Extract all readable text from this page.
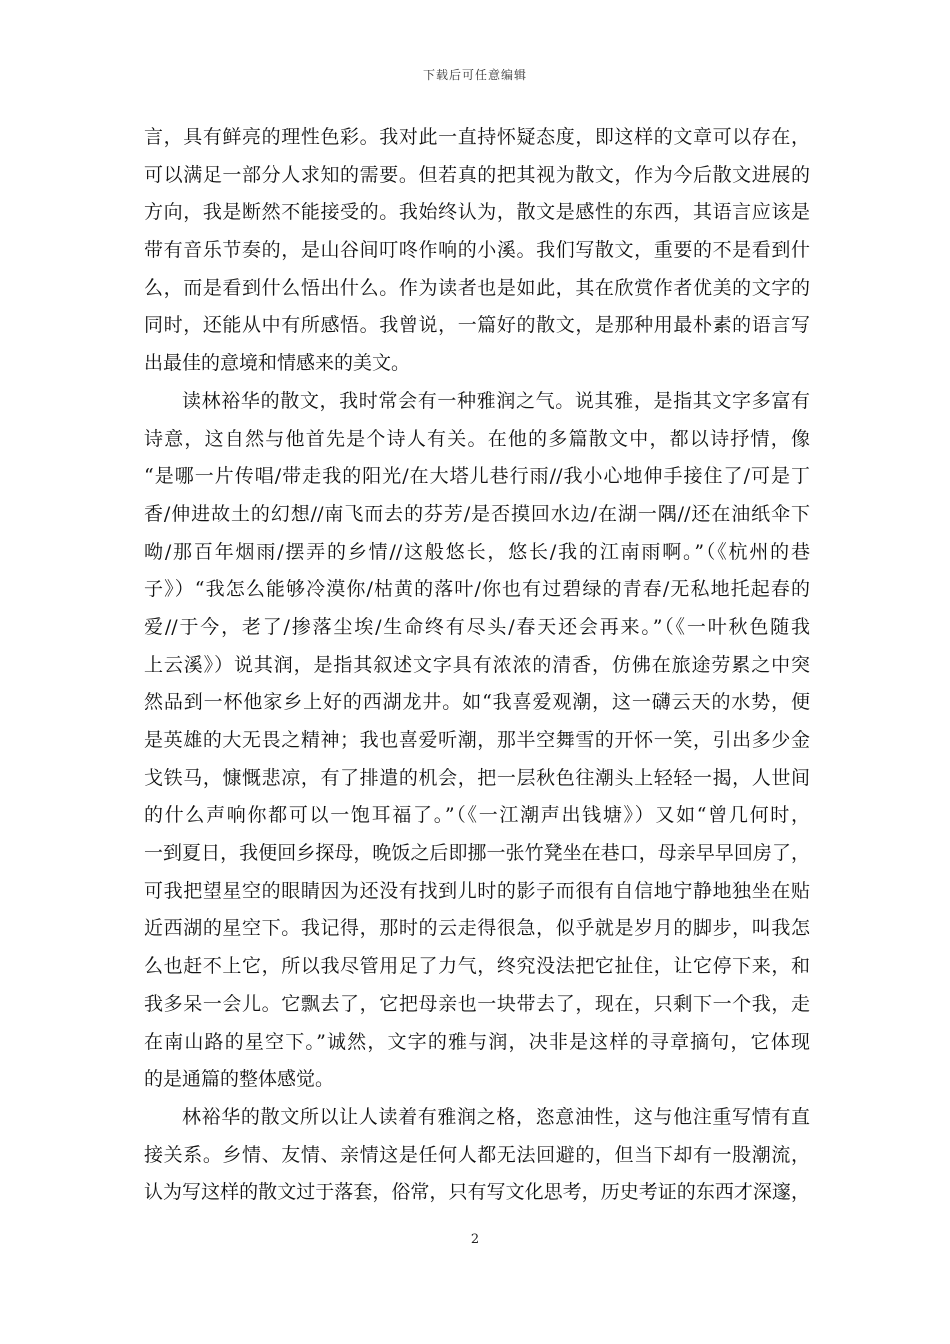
下载后可任意编辑
言，具有鲜亮的理性色彩。我对此一直持怀疑态度，即这样的文章可以存在，
可以满足一部分人求知的需要。但若真的把其视为散文，作为今后散文进展的
方向，我是断然不能接受的。我始终认为，散文是感性的东西，其语言应该是
带有音乐节奏的，是山谷间叮咚作响的小溪。我们写散文，重要的不是看到什
么，而是看到什么悟出什么。作为读者也是如此，其在欣赏作者优美的文字的
同时，还能从中有所感悟。我曾说，一篇好的散文，是那种用最朴素的语言写
出最佳的意境和情感来的美文。
读林裕华的散文，我时常会有一种雅润之气。说其雅，是指其文字多富有
诗意，这自然与他首先是个诗人有关。在他的多篇散文中，都以诗抒情，像
“是哪一片传唱/带走我的阳光/在大塔儿巷行雨//我小心地伸手接住了/可是丁
香/伸进故土的幻想//南飞而去的芬芳/是否摸回水边/在湖一隅//还在油纸伞下
呦/那百年烟雨/摆弄的乡情//这般悠长，悠长/我的江南雨啊。”（《杭州的巷
子》）“我怎么能够冷漠你/枯黄的落叶/你也有过碧绿的青春/无私地托起春的
爱//于今，老了/掺落尘埃/生命终有尽头/春天还会再来。”（《一叶秋色随我
上云溪》）说其润，是指其叙述文字具有浓浓的清香，仿佛在旅途劳累之中突
然品到一杯他家乡上好的西湖龙井。如“我喜爱观潮，这一礴云天的水势，便
是英雄的大无畏之精神；我也喜爱听潮，那半空舞雪的开怀一笑，引出多少金
戈铁马，慷慨悲凉，有了排遣的机会，把一层秋色往潮头上轻轻一揭，人世间
的什么声响你都可以一饱耳福了。”（《一江潮声出钱塘》）又如“曾几何时，
一到夏日，我便回乡探母，晚饭之后即挪一张竹凳坐在巷口，母亲早早回房了，
可我把望星空的眼睛因为还没有找到儿时的影子而很有自信地宁静地独坐在贴
近西湖的星空下。我记得，那时的云走得很急，似乎就是岁月的脚步，叫我怎
么也赶不上它，所以我尽管用足了力气，终究没法把它扯住，让它停下来，和
我多呆一会儿。它飘去了，它把母亲也一块带去了，现在，只剩下一个我，走
在南山路的星空下。”诚然，文字的雅与润，决非是这样的寻章摘句，它体现
的是通篇的整体感觉。
林裕华的散文所以让人读着有雅润之格，恣意油性，这与他注重写情有直
接关系。乡情、友情、亲情这是任何人都无法回避的，但当下却有一股潮流，
认为写这样的散文过于落套，俗常，只有写文化思考，历史考证的东西才深邃，
2
